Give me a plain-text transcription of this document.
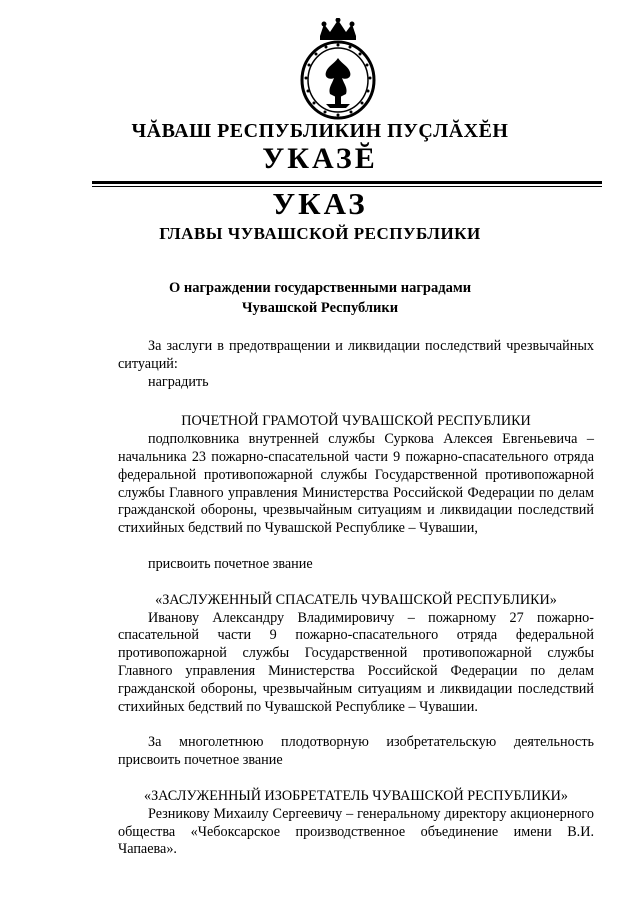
ЧĂВАШ РЕСПУБЛИКИН ПУÇЛĂХĔН
УКАЗĔ
УКАЗ
ГЛАВЫ ЧУВАШСКОЙ РЕСПУБЛИКИ
О награждении государственными наградами
Чувашской Республики

За заслуги в предотвращении и ликвидации последствий чрезвычайных ситуаций:

наградить

ПОЧЕТНОЙ ГРАМОТОЙ ЧУВАШСКОЙ РЕСПУБЛИКИ

подполковника внутренней службы Суркова Алексея Евгеньевича – начальника 23 пожарно-спасательной части 9 пожарно-спасательного отряда федеральной противопожарной службы Государственной противопожарной службы Главного управления Министерства Российской Федерации по делам гражданской обороны, чрезвычайным ситуациям и ликвидации последствий стихийных бедствий по Чувашской Республике – Чувашии,

присвоить почетное звание

«ЗАСЛУЖЕННЫЙ СПАСАТЕЛЬ ЧУВАШСКОЙ РЕСПУБЛИКИ»

Иванову Александру Владимировичу – пожарному 27 пожарно-спасательной части 9 пожарно-спасательного отряда федеральной противопожарной службы Государственной противопожарной службы Главного управления Министерства Российской Федерации по делам гражданской обороны, чрезвычайным ситуациям и ликвидации последствий стихийных бедствий по Чувашской Республике – Чувашии.

За многолетнюю плодотворную изобретательскую деятельность присвоить почетное звание

«ЗАСЛУЖЕННЫЙ ИЗОБРЕТАТЕЛЬ ЧУВАШСКОЙ РЕСПУБЛИКИ»

Резникову Михаилу Сергеевичу – генеральному директору акционерного общества «Чебоксарское производственное объединение имени В.И. Чапаева».
